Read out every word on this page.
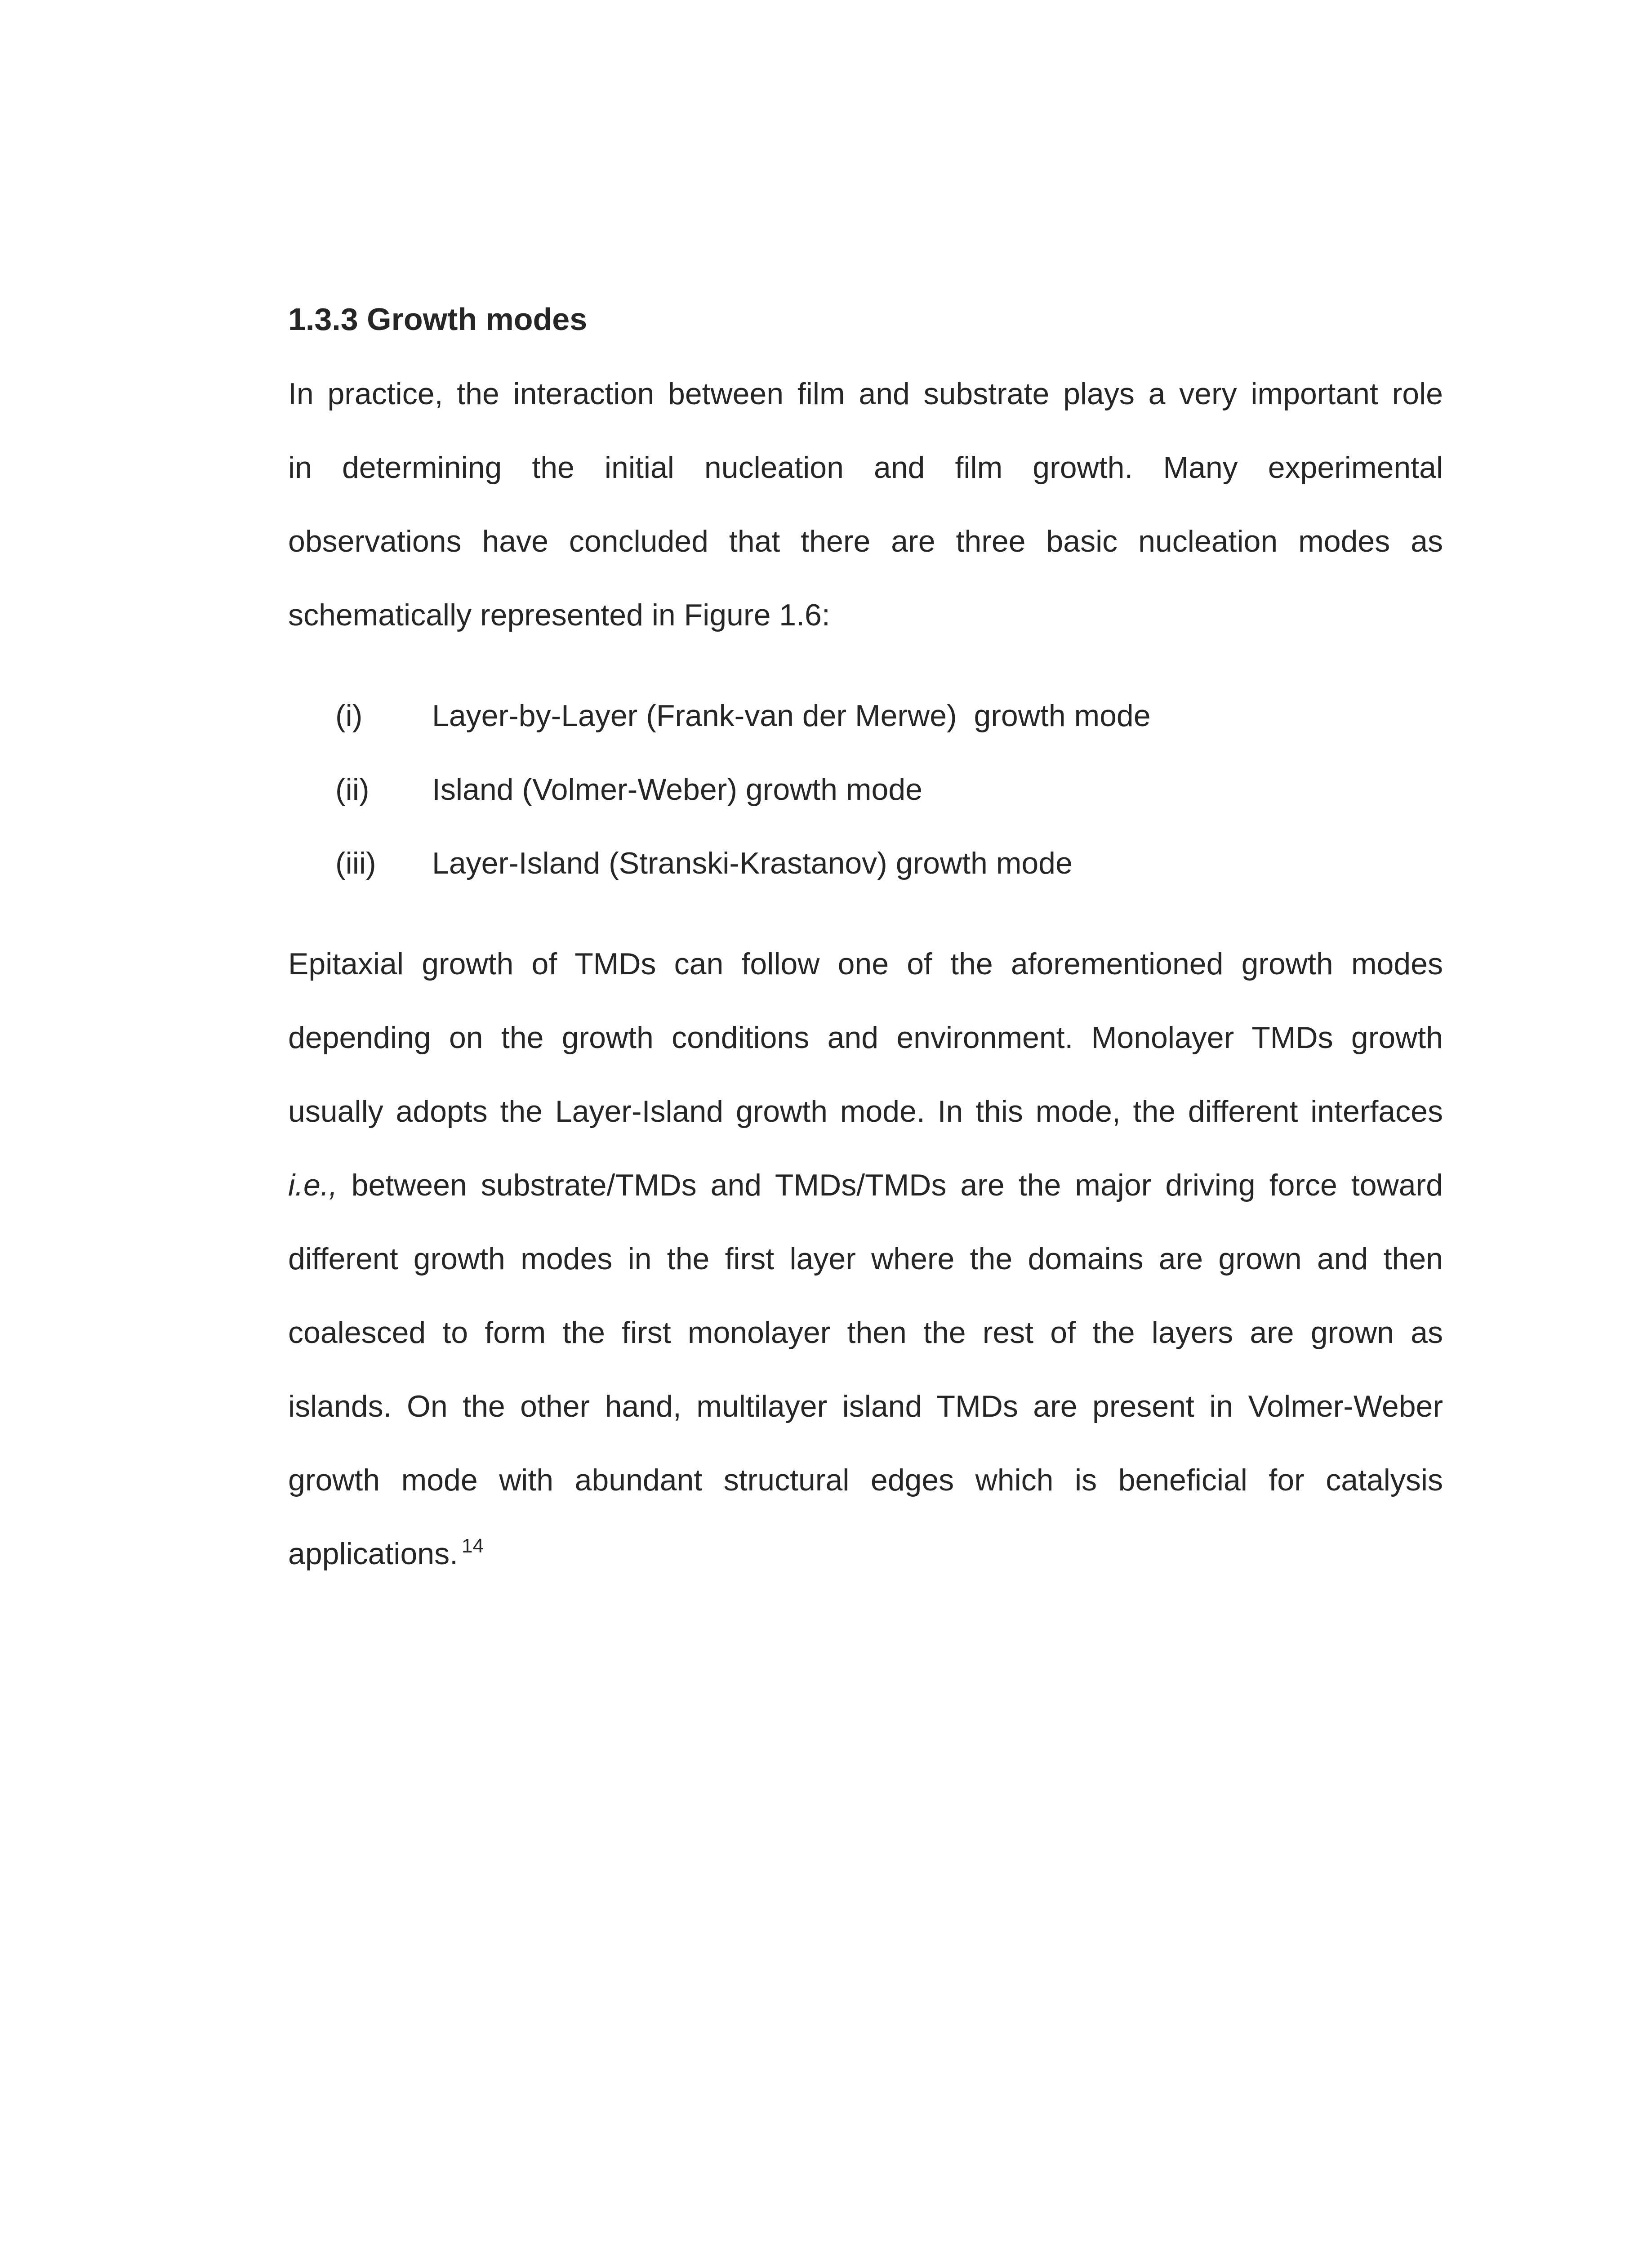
1.3.3 Growth modes
In practice, the interaction between film and substrate plays a very important role
in determining the initial nucleation and film growth. Many experimental
observations have concluded that there are three basic nucleation modes as
schematically represented in Figure 1.6:
(i)	Layer-by-Layer (Frank-van der Merwe)  growth mode
(ii)	Island (Volmer-Weber) growth mode
(iii)	Layer-Island (Stranski-Krastanov) growth mode
Epitaxial growth of TMDs can follow one of the aforementioned growth modes
depending on the growth conditions and environment. Monolayer TMDs growth
usually adopts the Layer-Island growth mode. In this mode, the different interfaces
i.e., between substrate/TMDs and TMDs/TMDs are the major driving force toward
different growth modes in the first layer where the domains are grown and then
coalesced to form the first monolayer then the rest of the layers are grown as
islands. On the other hand, multilayer island TMDs are present in Volmer-Weber
growth mode with abundant structural edges which is beneficial for catalysis
applications. $^{14}$
